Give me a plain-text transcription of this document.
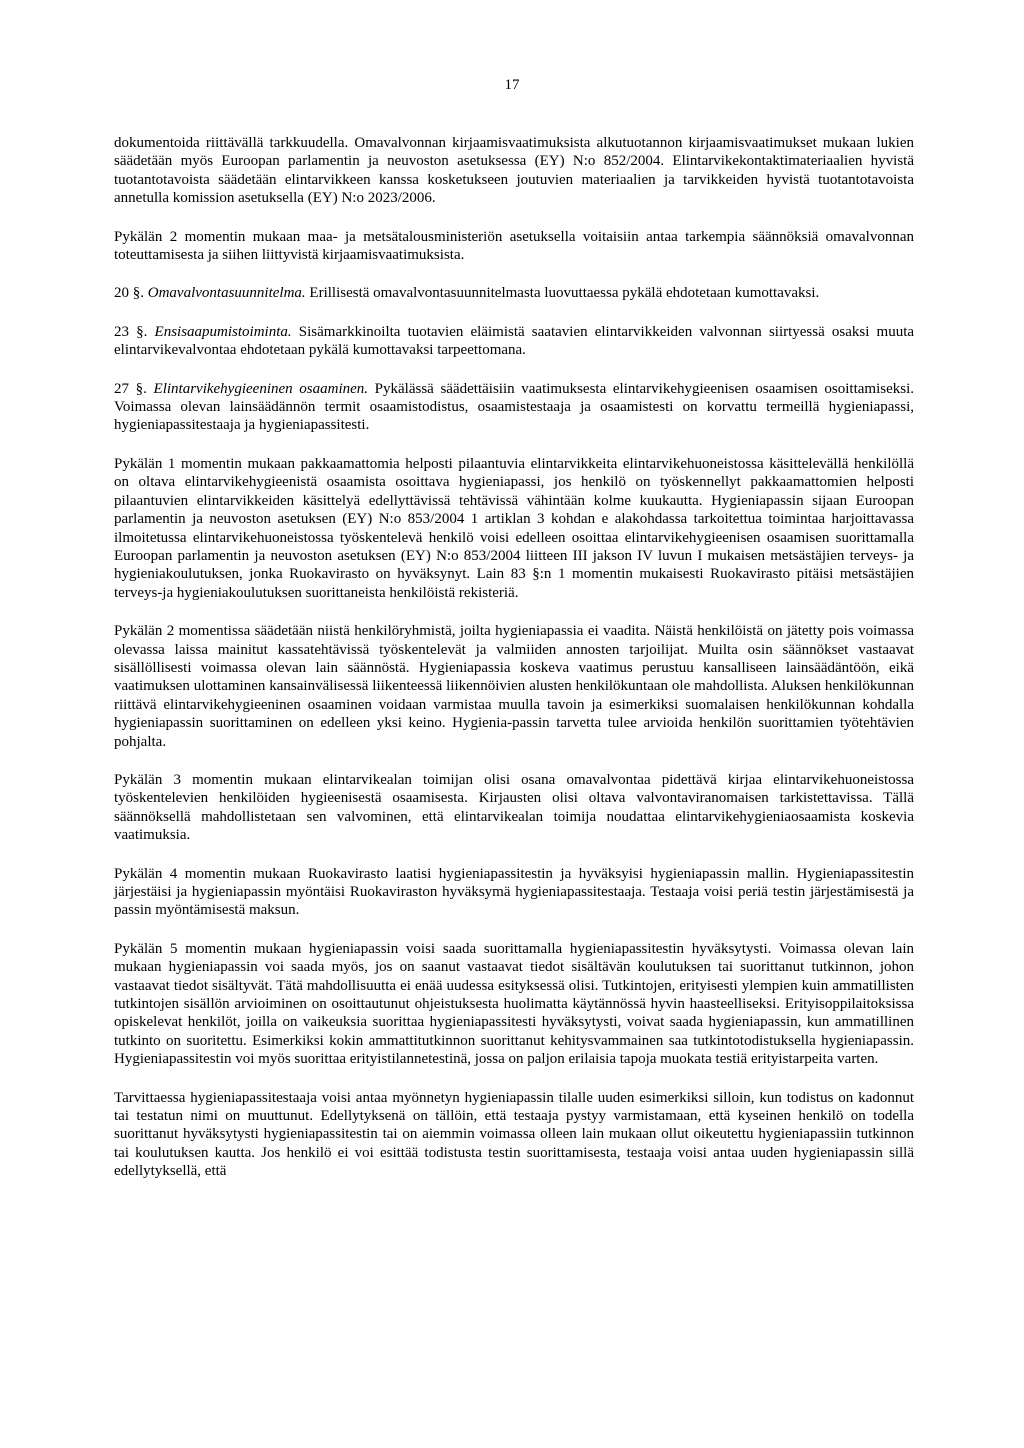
17

dokumentoida riittävällä tarkkuudella. Omavalvonnan kirjaamisvaatimuksista alkutuotannon kirjaamisvaatimukset mukaan lukien säädetään myös Euroopan parlamentin ja neuvoston asetuksessa (EY) N:o 852/2004. Elintarvikekontaktimateriaalien hyvistä tuotantotavoista säädetään elintarvikkeen kanssa kosketukseen joutuvien materiaalien ja tarvikkeiden hyvistä tuotantotavoista annetulla komission asetuksella (EY) N:o 2023/2006.

Pykälän 2 momentin mukaan maa- ja metsätalousministeriön asetuksella voitaisiin antaa tarkempia säännöksiä omavalvonnan toteuttamisesta ja siihen liittyvistä kirjaamisvaatimuksista.

20 §. Omavalvontasuunnitelma. Erillisestä omavalvontasuunnitelmasta luovuttaessa pykälä ehdotetaan kumottavaksi.

23 §. Ensisaapumistoiminta. Sisämarkkinoilta tuotavien eläimistä saatavien elintarvikkeiden valvonnan siirtyessä osaksi muuta elintarvikevalvontaa ehdotetaan pykälä kumottavaksi tarpeettomana.

27 §. Elintarvikehygieeninen osaaminen. Pykälässä säädettäisiin vaatimuksesta elintarvikehygieenisen osaamisen osoittamiseksi. Voimassa olevan lainsäädännön termit osaamistodistus, osaamistestaaja ja osaamistesti on korvattu termeillä hygieniapassi, hygieniapassitestaaja ja hygieniapassitesti.

Pykälän 1 momentin mukaan pakkaamattomia helposti pilaantuvia elintarvikkeita elintarvikehuoneistossa käsittelevällä henkilöllä on oltava elintarvikehygieenistä osaamista osoittava hygieniapassi, jos henkilö on työskennellyt pakkaamattomien helposti pilaantuvien elintarvikkeiden käsittelyä edellyttävissä tehtävissä vähintään kolme kuukautta. Hygieniapassin sijaan Euroopan parlamentin ja neuvoston asetuksen (EY) N:o 853/2004 1 artiklan 3 kohdan e alakohdassa tarkoitettua toimintaa harjoittavassa ilmoitetussa elintarvikehuoneistossa työskentelevä henkilö voisi edelleen osoittaa elintarvikehygieenisen osaamisen suorittamalla Euroopan parlamentin ja neuvoston asetuksen (EY) N:o 853/2004 liitteen III jakson IV luvun I mukaisen metsästäjien terveys- ja hygieniakoulutuksen, jonka Ruokavirasto on hyväksynyt. Lain 83 §:n 1 momentin mukaisesti Ruokavirasto pitäisi metsästäjien terveys-ja hygieniakoulutuksen suorittaneista henkilöistä rekisteriä.

Pykälän 2 momentissa säädetään niistä henkilöryhmistä, joilta hygieniapassia ei vaadita. Näistä henkilöistä on jätetty pois voimassa olevassa laissa mainitut kassatehtävissä työskentelevät ja valmiiden annosten tarjoilijat. Muilta osin säännökset vastaavat sisällöllisesti voimassa olevan lain säännöstä. Hygieniapassia koskeva vaatimus perustuu kansalliseen lainsäädäntöön, eikä vaatimuksen ulottaminen kansainvälisessä liikenteessä liikennöivien alusten henkilökuntaan ole mahdollista. Aluksen henkilökunnan riittävä elintarvikehygieeninen osaaminen voidaan varmistaa muulla tavoin ja esimerkiksi suomalaisen henkilökunnan kohdalla hygieniapassin suorittaminen on edelleen yksi keino. Hygienia-passin tarvetta tulee arvioida henkilön suorittamien työtehtävien pohjalta.

Pykälän 3 momentin mukaan elintarvikealan toimijan olisi osana omavalvontaa pidettävä kirjaa elintarvikehuoneistossa työskentelevien henkilöiden hygieenisestä osaamisesta. Kirjausten olisi oltava valvontaviranomaisen tarkistettavissa. Tällä säännöksellä mahdollistetaan sen valvominen, että elintarvikealan toimija noudattaa elintarvikehygieniaosaamista koskevia vaatimuksia.

Pykälän 4 momentin mukaan Ruokavirasto laatisi hygieniapassitestin ja hyväksyisi hygieniapassin mallin. Hygieniapassitestin järjestäisi ja hygieniapassin myöntäisi Ruokaviraston hyväksymä hygieniapassitestaaja. Testaaja voisi periä testin järjestämisestä ja passin myöntämisestä maksun.

Pykälän 5 momentin mukaan hygieniapassin voisi saada suorittamalla hygieniapassitestin hyväksytysti. Voimassa olevan lain mukaan hygieniapassin voi saada myös, jos on saanut vastaavat tiedot sisältävän koulutuksen tai suorittanut tutkinnon, johon vastaavat tiedot sisältyvät. Tätä mahdollisuutta ei enää uudessa esityksessä olisi. Tutkintojen, erityisesti ylempien kuin ammatillisten tutkintojen sisällön arvioiminen on osoittautunut ohjeistuksesta huolimatta käytännössä hyvin haasteelliseksi. Erityisoppilaitoksissa opiskelevat henkilöt, joilla on vaikeuksia suorittaa hygieniapassitesti hyväksytysti, voivat saada hygieniapassin, kun ammatillinen tutkinto on suoritettu. Esimerkiksi kokin ammattitutkinnon suorittanut kehitysvammainen saa tutkintotodistuksella hygieniapassin. Hygieniapassitestin voi myös suorittaa erityistilannetestinä, jossa on paljon erilaisia tapoja muokata testiä erityistarpeita varten.

Tarvittaessa hygieniapassitestaaja voisi antaa myönnetyn hygieniapassin tilalle uuden esimerkiksi silloin, kun todistus on kadonnut tai testatun nimi on muuttunut. Edellytyksenä on tällöin, että testaaja pystyy varmistamaan, että kyseinen henkilö on todella suorittanut hyväksytysti hygieniapassitestin tai on aiemmin voimassa olleen lain mukaan ollut oikeutettu hygieniapassiin tutkinnon tai koulutuksen kautta. Jos henkilö ei voi esittää todistusta testin suorittamisesta, testaaja voisi antaa uuden hygieniapassin sillä edellytyksellä, että
